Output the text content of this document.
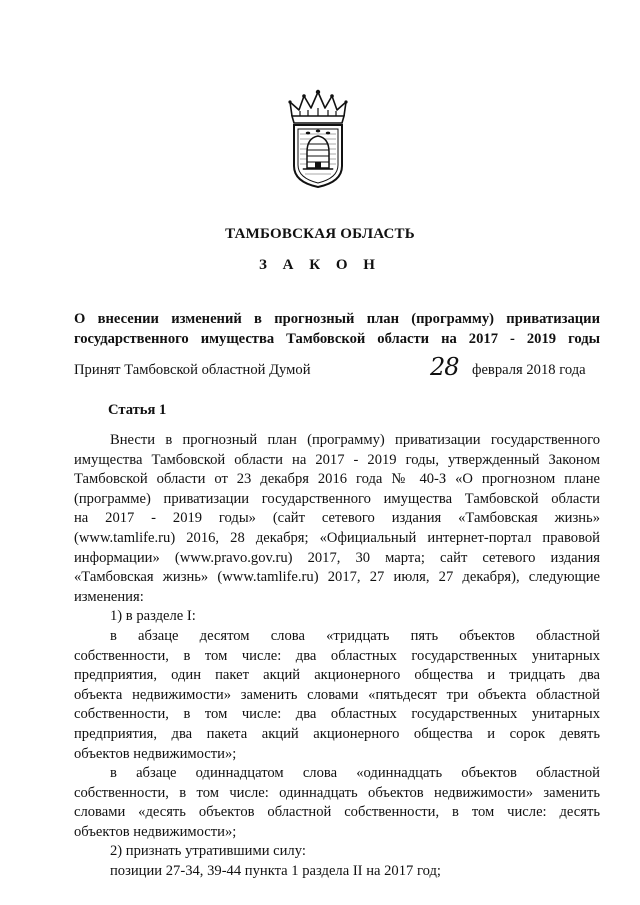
ТАМБОВСКАЯ ОБЛАСТЬ
З А К О Н
О внесении изменений в прогнозный план (программу) приватизации
государственного имущества Тамбовской области на 2017 - 2019 годы
Принят Тамбовской областной Думой	28 февраля 2018 года
Статья 1
Внести в прогнозный план (программу) приватизации государственного
имущества Тамбовской области на 2017 - 2019 годы, утвержденный Законом
Тамбовской области от 23 декабря 2016 года № 40-З «О прогнозном плане
(программе) приватизации государственного имущества Тамбовской области
на 2017 - 2019 годы» (сайт сетевого издания «Тамбовская жизнь»
(www.tamlife.ru) 2016, 28 декабря; «Официальный интернет-портал правовой
информации» (www.pravo.gov.ru) 2017, 30 марта; сайт сетевого издания
«Тамбовская жизнь» (www.tamlife.ru) 2017, 27 июля, 27 декабря), следующие
изменения:
1) в разделе I:
в абзаце десятом слова «тридцать пять объектов областной
собственности, в том числе: два областных государственных унитарных
предприятия, один пакет акций акционерного общества и тридцать два
объекта недвижимости» заменить словами «пятьдесят три объекта областной
собственности, в том числе: два областных государственных унитарных
предприятия, два пакета акций акционерного общества и сорок девять
объектов недвижимости»;
в абзаце одиннадцатом слова «одиннадцать объектов областной
собственности, в том числе: одиннадцать объектов недвижимости» заменить
словами «десять объектов областной собственности, в том числе: десять
объектов недвижимости»;
2) признать утратившими силу:
позиции 27-34, 39-44 пункта 1 раздела II на 2017 год;
